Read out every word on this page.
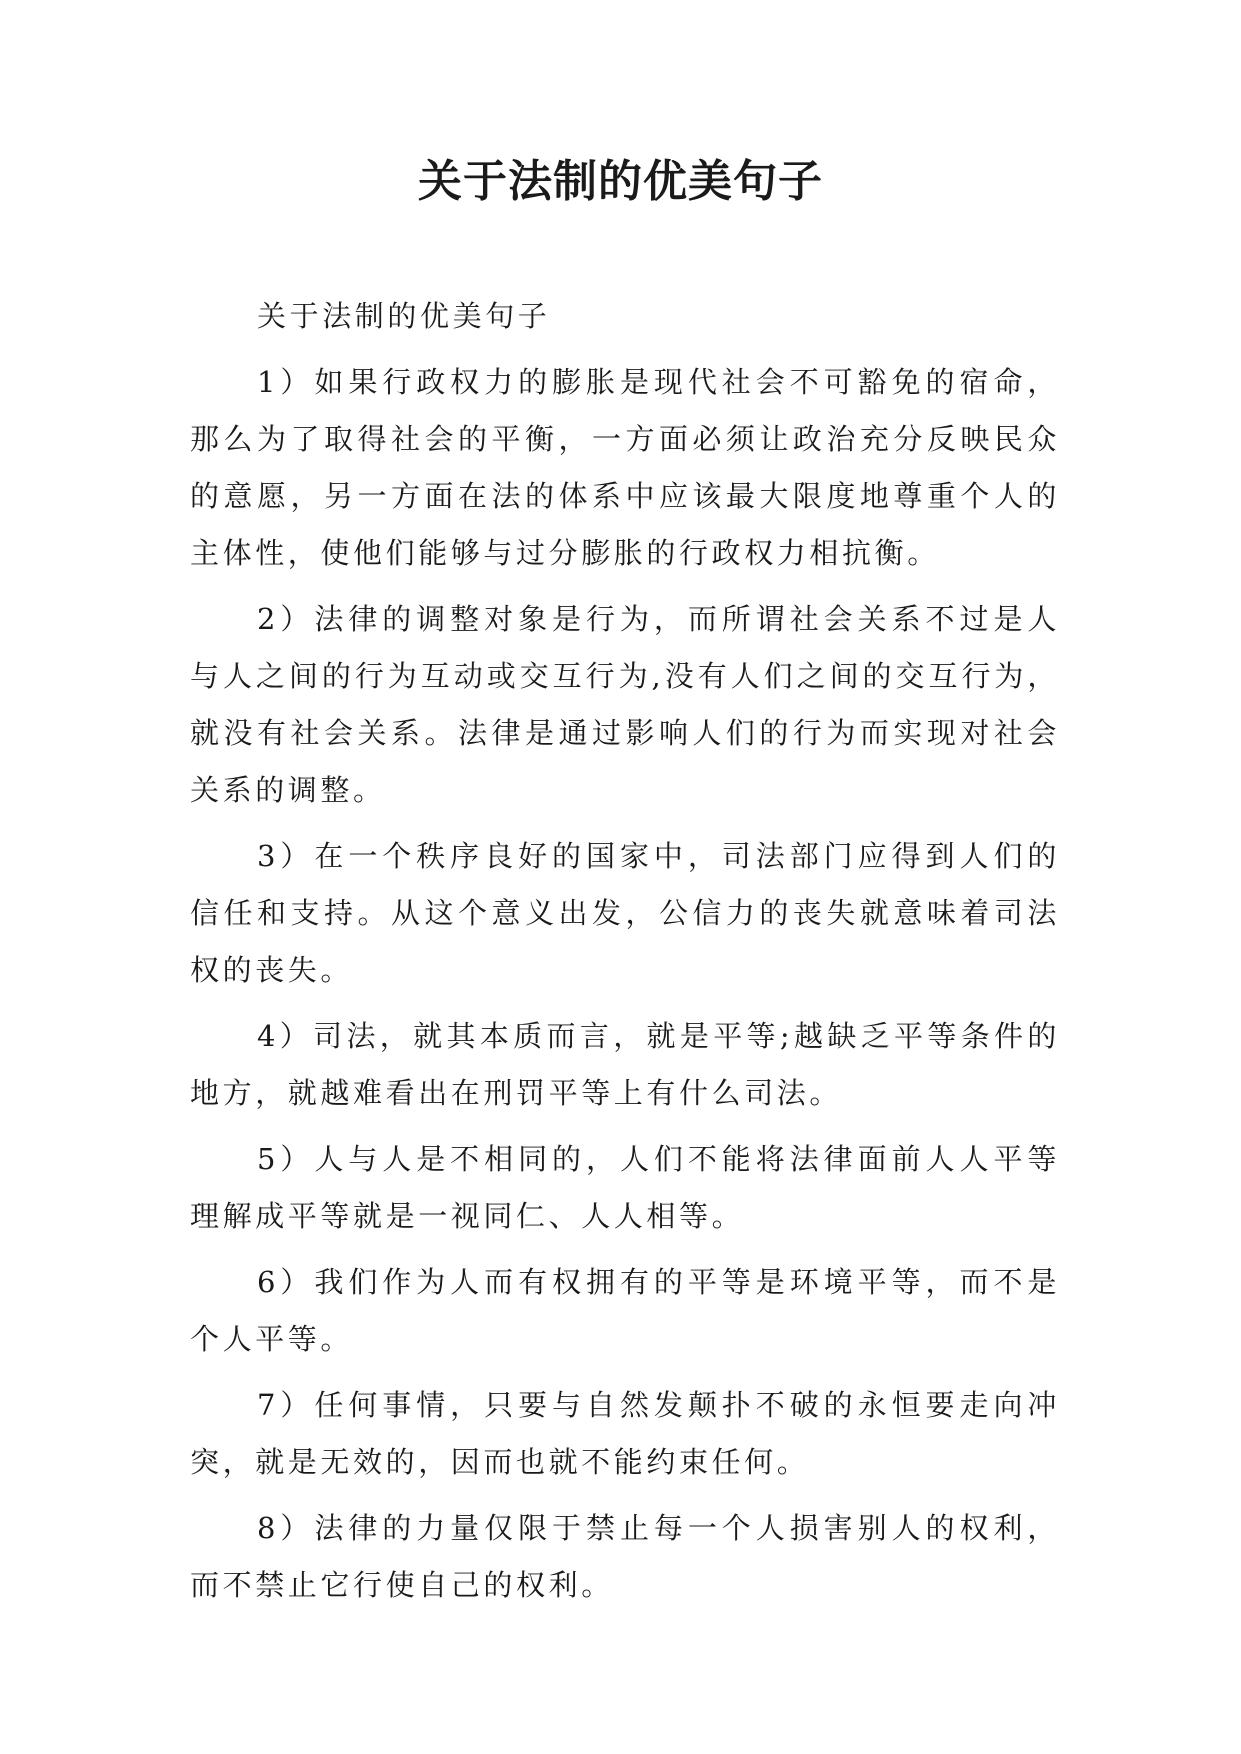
关于法制的优美句子

关于法制的优美句子

1）如果行政权力的膨胀是现代社会不可豁免的宿命，那么为了取得社会的平衡，一方面必须让政治充分反映民众的意愿，另一方面在法的体系中应该最大限度地尊重个人的主体性，使他们能够与过分膨胀的行政权力相抗衡。

2）法律的调整对象是行为，而所谓社会关系不过是人与人之间的行为互动或交互行为,没有人们之间的交互行为，就没有社会关系。法律是通过影响人们的行为而实现对社会关系的调整。

3）在一个秩序良好的国家中，司法部门应得到人们的信任和支持。从这个意义出发，公信力的丧失就意味着司法权的丧失。

4）司法，就其本质而言，就是平等;越缺乏平等条件的地方，就越难看出在刑罚平等上有什么司法。

5）人与人是不相同的，人们不能将法律面前人人平等理解成平等就是一视同仁、人人相等。

6）我们作为人而有权拥有的平等是环境平等，而不是个人平等。

7）任何事情，只要与自然发颠扑不破的永恒要走向冲突，就是无效的，因而也就不能约束任何。

8）法律的力量仅限于禁止每一个人损害别人的权利，而不禁止它行使自己的权利。
